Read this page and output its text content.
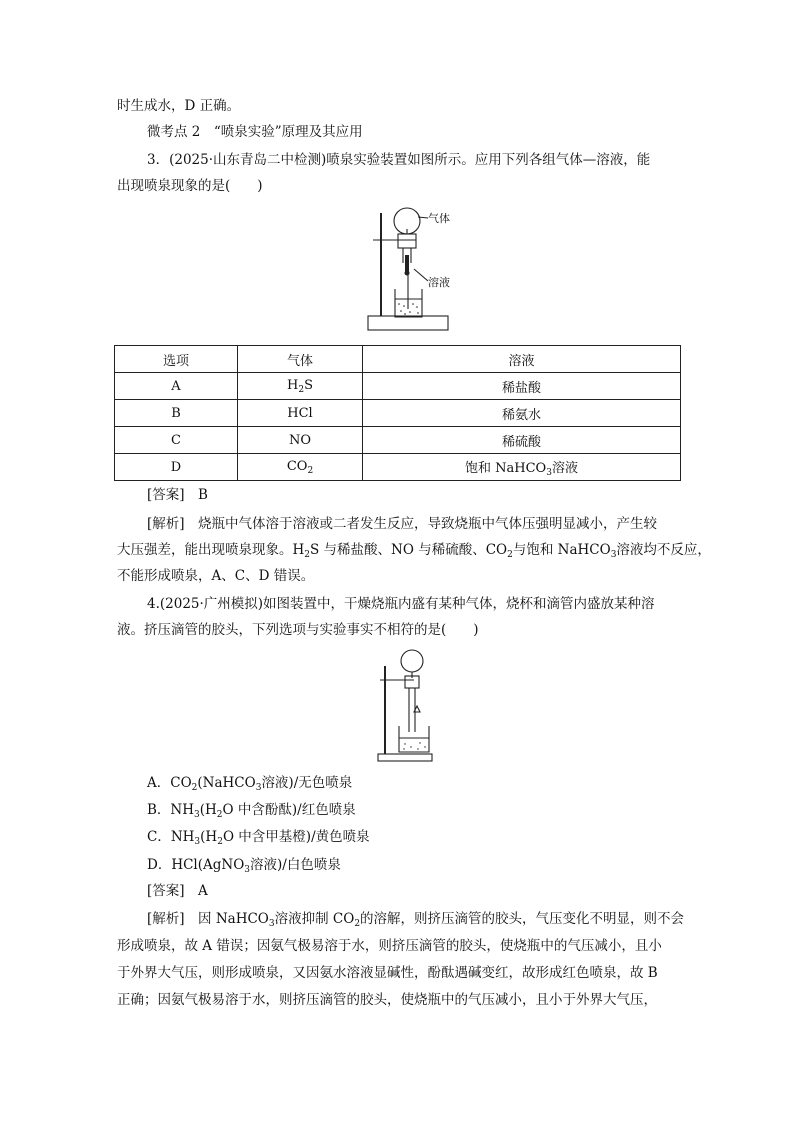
时生成水，D 正确。
微考点 2　“喷泉实验”原理及其应用
3．(2025·山东青岛二中检测)喷泉实验装置如图所示。应用下列各组气体—溶液，能
出现喷泉现象的是(　　)
气体
溶液
选项	气体	溶液
A	$H_2S$	稀盐酸
B	HCl	稀氨水
C	NO	稀硫酸
D	$CO_2$	饱和 NaHCO$_3$溶液
[答案]　 B
[解析]　 烧瓶中气体溶于溶液或二者发生反应，导致烧瓶中气体压强明显减小，产生较
大压强差，能出现喷泉现象。$H_2S$ 与稀盐酸、NO 与稀硫酸、$CO_2$与饱和 NaHCO$_3$溶液均不反应，
不能形成喷泉，A、C、D 错误。
4.(2025·广州模拟)如图装置中，干燥烧瓶内盛有某种气体，烧杯和滴管内盛放某种溶
液。挤压滴管的胶头，下列选项与实验事实不相符的是(　　)
A．$CO_2(NaHCO_3$溶液)/无色喷泉
B．$NH_3(H_2O$ 中含酚酞)/红色喷泉
C．$NH_3(H_2O$ 中含甲基橙)/黄色喷泉
D．HCl(AgNO$_3$溶液)/白色喷泉
[答案]　 A
[解析]　 因 NaHCO$_3$溶液抑制 $CO_2$的溶解，则挤压滴管的胶头，气压变化不明显，则不会
形成喷泉，故 A 错误；因氨气极易溶于水，则挤压滴管的胶头，使烧瓶中的气压减小，且小
于外界大气压，则形成喷泉，又因氨水溶液显碱性，酚酞遇碱变红，故形成红色喷泉，故 B
正确；因氨气极易溶于水，则挤压滴管的胶头，使烧瓶中的气压减小，且小于外界大气压，
